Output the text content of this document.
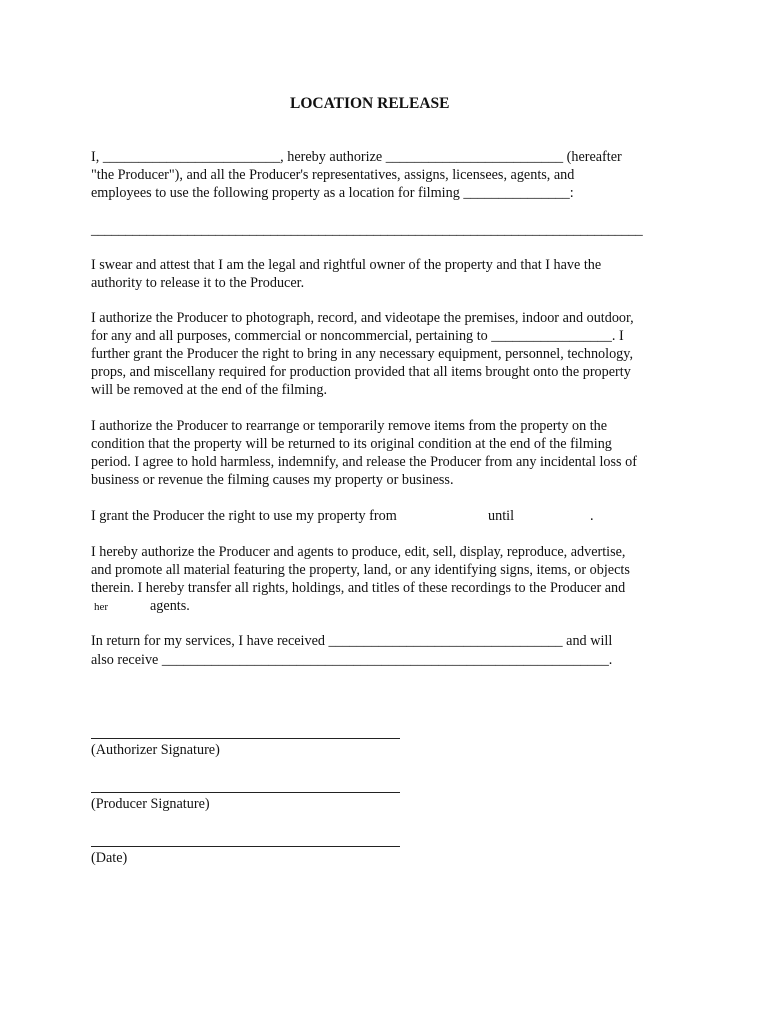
LOCATION RELEASE
I, _________________________, hereby authorize _________________________ (hereafter
"the Producer"), and all the Producer's representatives, assigns, licensees, agents, and
employees to use the following property as a location for filming _______________:
________________________________________________________________________________
I swear and attest that I am the legal and rightful owner of the property and that I have the
authority to release it to the Producer.
I authorize the Producer to photograph, record, and videotape the premises, indoor and outdoor,
for any and all purposes, commercial or noncommercial, pertaining to _________________. I
further grant the Producer the right to bring in any necessary equipment, personnel, technology,
props, and miscellany required for production provided that all items brought onto the property
will be removed at the end of the filming.
I authorize the Producer to rearrange or temporarily remove items from the property on the
condition that the property will be returned to its original condition at the end of the filming
period. I agree to hold harmless, indemnify, and release the Producer from any incidental loss of
business or revenue the filming causes my property or business.
I grant the Producer the right to use my property from	until	.
I hereby authorize the Producer and agents to produce, edit, sell, display, reproduce, advertise,
and promote all material featuring the property, land, or any identifying signs, items, or objects
therein. I hereby transfer all rights, holdings, and titles of these recordings to the Producer and
her	agents.
In return for my services, I have received _________________________________ and will
also receive _______________________________________________________________.
(Authorizer Signature)
(Producer Signature)
(Date)
